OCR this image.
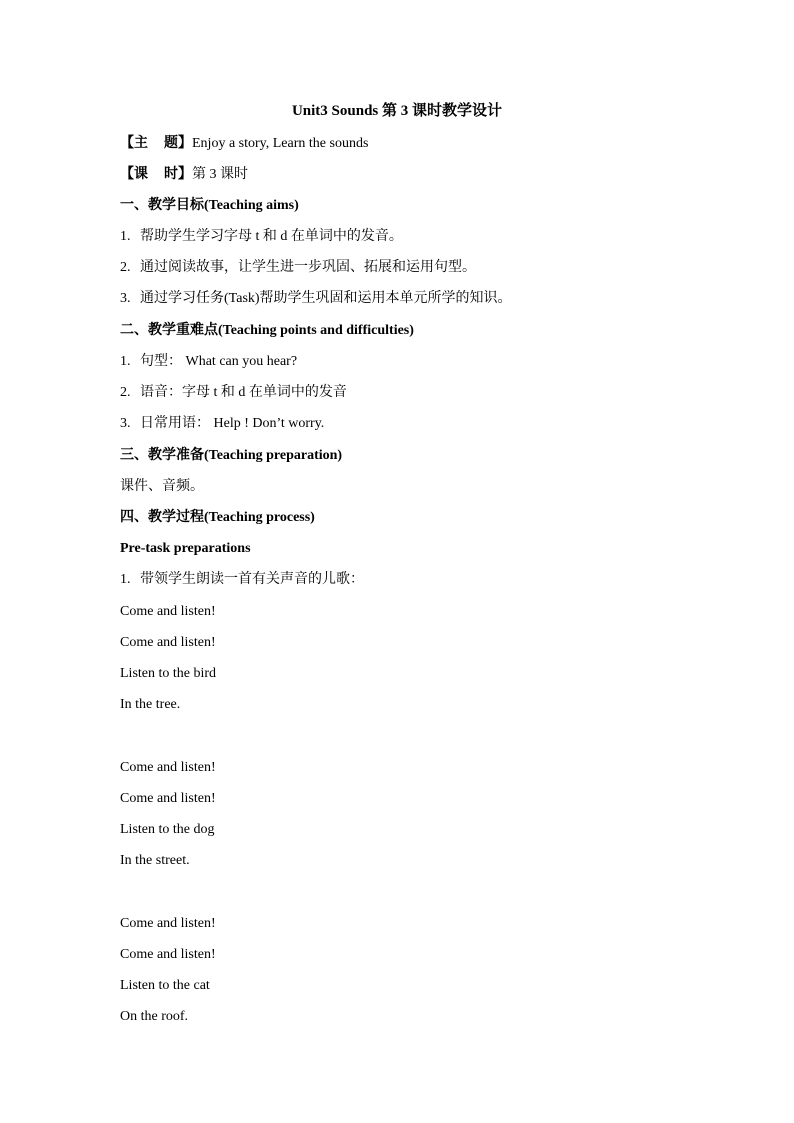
Unit3 Sounds 第 3 课时教学设计
【主 题】Enjoy a story, Learn the sounds
【课 时】第 3 课时
一、教学目标(Teaching aims)
1. 帮助学生学习字母 t 和 d 在单词中的发音。
2. 通过阅读故事，让学生进一步巩固、拓展和运用句型。
3. 通过学习任务(Task)帮助学生巩固和运用本单元所学的知识。
二、教学重难点(Teaching points and difficulties)
1. 句型： What can you hear?
2. 语音：字母 t 和 d 在单词中的发音
3. 日常用语： Help ! Don’t worry.
三、教学准备(Teaching preparation)
课件、音频。
四、教学过程(Teaching process)
Pre-task preparations
1. 带领学生朗读一首有关声音的儿歌：
Come and listen!
Come and listen!
Listen to the bird
In the tree.
Come and listen!
Come and listen!
Listen to the dog
In the street.
Come and listen!
Come and listen!
Listen to the cat
On the roof.
